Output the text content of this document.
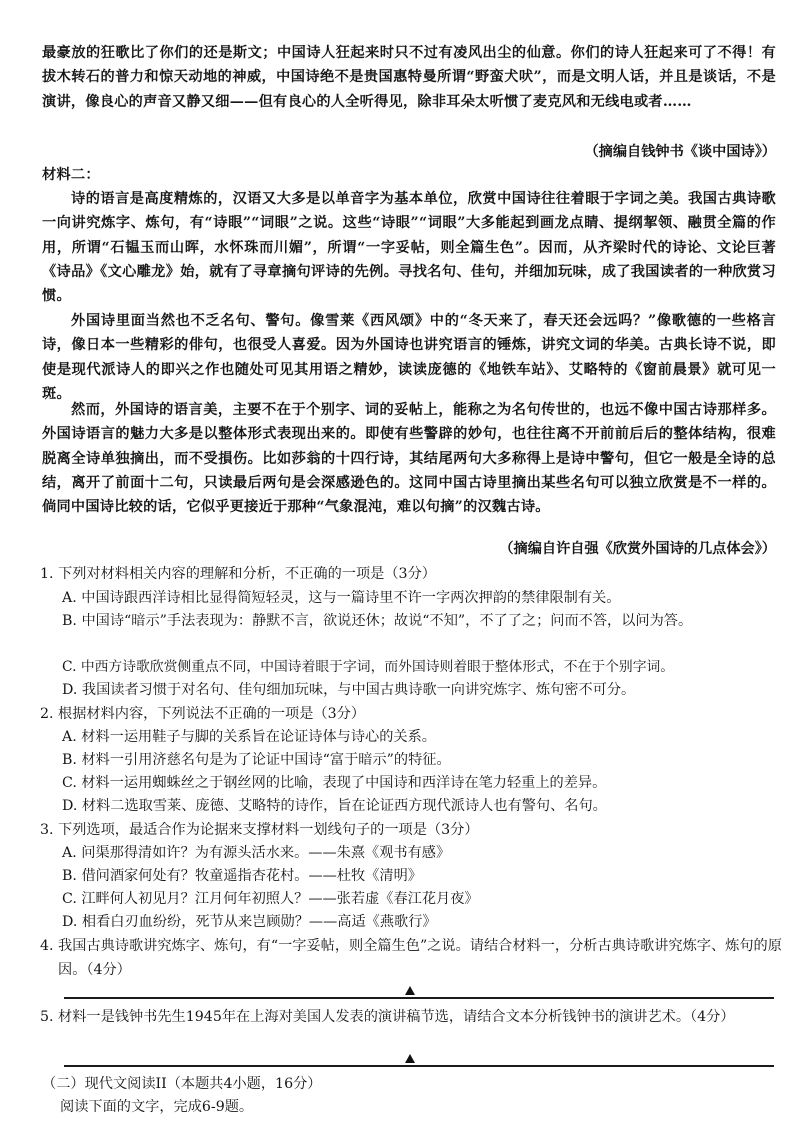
最豪放的狂歌比了你们的还是斯文；中国诗人狂起来时只不过有凌风出尘的仙意。你们的诗人狂起来可了不得！有拔木转石的普力和惊天动地的神威，中国诗绝不是贵国惠特曼所谓“野蛮犬吠”，而是文明人话，并且是谈话，不是演讲，像良心的声音又静又细——但有良心的人全听得见，除非耳朵太听惯了麦克风和无线电或者……
（摘编自钱钟书《谈中国诗》）
材料二：
诗的语言是高度精炼的，汉语又大多是以单音字为基本单位，欣赏中国诗往往着眼于字词之美。我国古典诗歌一向讲究炼字、炼句，有“诗眼”“词眼”之说。这些“诗眼”“词眼”大多能起到画龙点睛、提纲挈领、融贯全篇的作用，所谓“石韫玉而山晖，水怀珠而川媚”，所谓“一字妥帖，则全篇生色”。因而，从齐梁时代的诗论、文论巨著《诗品》《文心雕龙》始，就有了寻章摘句评诗的先例。寻找名句、佳句，并细加玩味，成了我国读者的一种欣赏习惯。
外国诗里面当然也不乏名句、警句。像雪莱《西风颂》中的“冬天来了，春天还会远吗？”像歌德的一些格言诗，像日本一些精彩的俳句，也很受人喜爱。因为外国诗也讲究语言的锤炼，讲究文词的华美。古典长诗不说，即使是现代派诗人的即兴之作也随处可见其用语之精妙，读读庞德的《地铁车站》、艾略特的《窗前晨景》就可见一斑。
然而，外国诗的语言美，主要不在于个别字、词的妥帖上，能称之为名句传世的，也远不像中国古诗那样多。外国诗语言的魅力大多是以整体形式表现出来的。即使有些警辟的妙句，也往往离不开前前后后的整体结构，很难脱离全诗单独摘出，而不受損伤。比如莎翁的十四行诗，其结尾两句大多称得上是诗中警句，但它一般是全诗的总结，离开了前面十二句，只读最后两句是会深感逊色的。这同中国古诗里摘出某些名句可以独立欣赏是不一样的。倘同中国诗比较的话，它似乎更接近于那种“气象混沌，难以句摘”的汉魏古诗。
（摘编自许自强《欣赏外国诗的几点体会》）
1. 下列对材料相关内容的理解和分析，不正确的一项是（3分）
A. 中国诗跟西洋诗相比显得简短轻灵，这与一篇诗里不许一字两次押韵的禁律限制有关。
B. 中国诗“暗示”手法表现为：静默不言，欲说还休；故说“不知”，不了了之；问而不答，以问为答。
C. 中西方诗歌欣赏侧重点不同，中国诗着眼于字词，而外国诗则着眼于整体形式，不在于个别字词。
D. 我国读者习惯于对名句、佳句细加玩味，与中国古典诗歌一向讲究炼字、炼句密不可分。
2. 根据材料内容，下列说法不正确的一项是（3分）
A. 材料一运用鞋子与脚的关系旨在论证诗体与诗心的关系。
B. 材料一引用济慈名句是为了论证中国诗“富于暗示”的特征。
C. 材料一运用蜘蛛丝之于钢丝网的比喻，表现了中国诗和西洋诗在笔力轻重上的差异。
D. 材料二选取雪莱、庞德、艾略特的诗作，旨在论证西方现代派诗人也有警句、名句。
3. 下列选项，最适合作为论据来支撑材料一划线句子的一项是（3分）
A. 问渠那得清如许？为有源头活水来。——朱熹《观书有感》
B. 借问酒家何处有？牧童遥指杏花村。——杜牧《清明》
C. 江畔何人初见月？江月何年初照人？——张若虚《春江花月夜》
D. 相看白刃血纷纷，死节从来岂顾勋？——高适《燕歌行》
4. 我国古典诗歌讲究炼字、炼句，有“一字妥帖，则全篇生色”之说。请结合材料一，分析古典诗歌讲究炼字、炼句的原因。（4分）
5. 材料一是钱钟书先生1945年在上海对美国人发表的演讲稿节选，请结合文本分析钱钟书的演讲艺术。（4分）
（二）现代文阅读II（本题共4小题，16分）
阅读下面的文字，完成6-9题。
